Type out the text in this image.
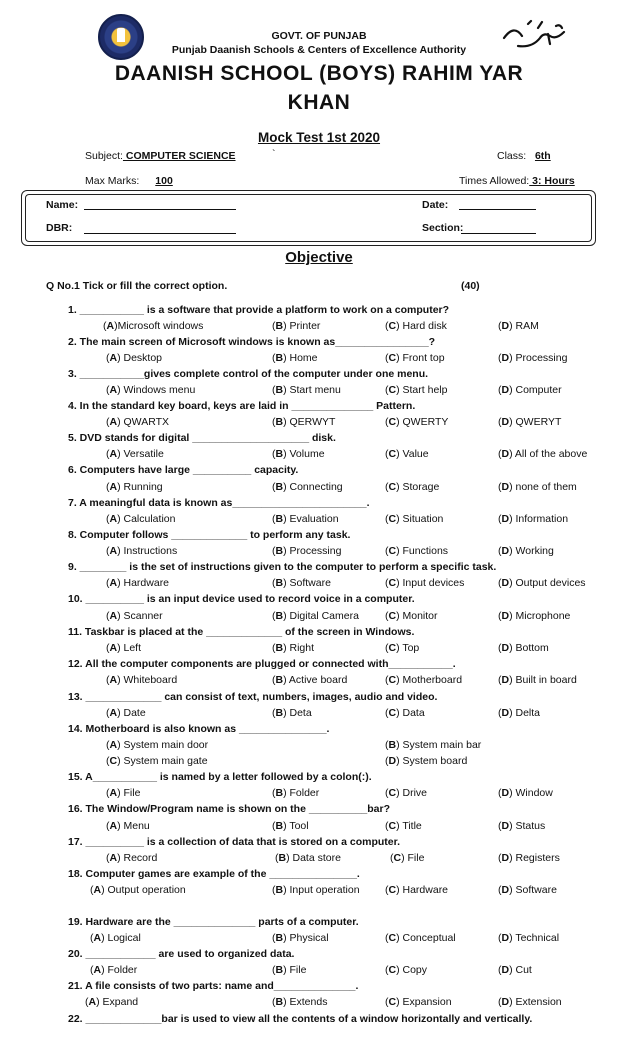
GOVT. OF PUNJAB
Punjab Daanish Schools & Centers of Excellence Authority
DAANISH SCHOOL (BOYS) RAHIM YAR
KHAN
Mock Test 1st 2020
Subject: COMPUTER SCIENCE	`	Class: 6th
Max Marks: 100	Times Allowed: 3: Hours
Name:	Date:
DBR:	Section:
Objective
Q No.1 Tick or fill the correct option.	(40)
1. ___________ is a software that provide a platform to work on a computer?
(A)Microsoft windows	(B) Printer	(C) Hard disk	(D) RAM
2. The main screen of Microsoft windows is known as________________?
(A) Desktop	(B) Home	(C) Front top	(D) Processing
3. ___________gives complete control of the computer under one menu.
(A) Windows menu	(B) Start menu	(C) Start help	(D) Computer
4. In the standard key board, keys are laid in ______________ Pattern.
(A) QWARTX	(B) QERWYT	(C) QWERTY	(D) QWERYT
5. DVD stands for digital ____________________ disk.
(A) Versatile	(B) Volume	(C) Value	(D) All of the above
6. Computers have large __________ capacity.
(A) Running	(B) Connecting	(C) Storage	(D) none of them
7. A meaningful data is known as_______________________.
(A) Calculation	(B) Evaluation	(C) Situation	(D) Information
8. Computer follows _____________ to perform any task.
(A) Instructions	(B) Processing	(C) Functions	(D) Working
9. ________ is the set of instructions given to the computer to perform a specific task.
(A) Hardware	(B) Software	(C) Input devices	(D) Output devices
10. __________ is an input device used to record voice in a computer.
(A) Scanner	(B) Digital Camera (C) Monitor	(D) Microphone
11. Taskbar is placed at the _____________ of the screen in Windows.
(A) Left	(B) Right	(C) Top	(D) Bottom
12. All the computer components are plugged or connected with___________.
(A) Whiteboard	(B) Active board	(C) Motherboard	(D) Built in board
13. _____________ can consist of text, numbers, images, audio and video.
(A) Date	(B) Deta	(C) Data	(D) Delta
14. Motherboard is also known as _______________.
(A) System main door	(B) System main bar
(C) System main gate	(D) System board
15. A___________ is named by a letter followed by a colon(:).
(A) File	(B) Folder	(C) Drive	(D) Window
16. The Window/Program name is shown on the __________bar?
(A) Menu	(B) Tool	(C) Title	(D) Status
17. __________ is a collection of data that is stored on a computer.
(A) Record	(B) Data store	(C) File	(D) Registers
18. Computer games are example of the _______________.
(A) Output operation	(B) Input operation (C) Hardware	(D) Software
19. Hardware are the ______________ parts of a computer.
(A) Logical	(B) Physical	(C) Conceptual	(D) Technical
20. ____________ are used to organized data.
(A) Folder	(B) File	(C) Copy	(D) Cut
21. A file consists of two parts: name and______________.
(A) Expand	(B) Extends	(C) Expansion	(D) Extension
22. _____________bar is used to view all the contents of a window horizontally and vertically.
